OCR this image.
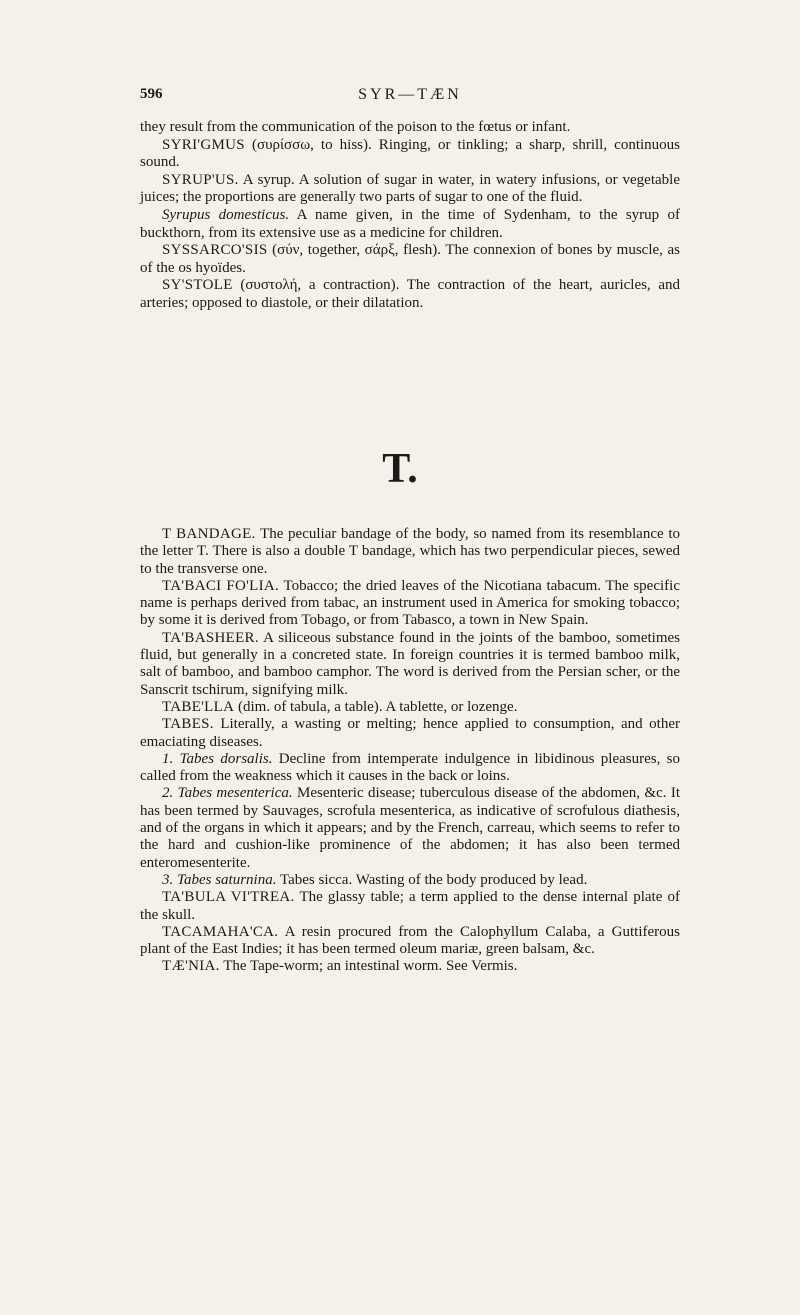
596	SYR—TÆN

they result from the communication of the poison to the fœtus or infant.

SYRI'GMUS (συρίσσω, to hiss). Ringing, or tinkling; a sharp, shrill, continuous sound.

SYRUP'US. A syrup. A solution of sugar in water, in watery infusions, or vegetable juices; the proportions are generally two parts of sugar to one of the fluid.

Syrupus domesticus. A name given, in the time of Sydenham, to the syrup of buckthorn, from its extensive use as a medicine for children.

SYSSARCO'SIS (σύν, together, σάρξ, flesh). The connexion of bones by muscle, as of the os hyoïdes.

SY'STOLE (συστολή, a contraction). The contraction of the heart, auricles, and arteries; opposed to diastole, or their dilatation.

T.

T BANDAGE. The peculiar bandage of the body, so named from its resemblance to the letter T. There is also a double T bandage, which has two perpendicular pieces, sewed to the transverse one.

TA'BACI FO'LIA. Tobacco; the dried leaves of the Nicotiana tabacum. The specific name is perhaps derived from tabac, an instrument used in America for smoking tobacco; by some it is derived from Tobago, or from Tabasco, a town in New Spain.

TA'BASHEER. A siliceous substance found in the joints of the bamboo, sometimes fluid, but generally in a concreted state. In foreign countries it is termed bamboo milk, salt of bamboo, and bamboo camphor. The word is derived from the Persian scher, or the Sanscrit tschirum, signifying milk.

TABE'LLA (dim. of tabula, a table). A tablette, or lozenge.

TABES. Literally, a wasting or melting; hence applied to consumption, and other emaciating diseases.

1. Tabes dorsalis. Decline from intemperate indulgence in libidinous pleasures, so called from the weakness which it causes in the back or loins.

2. Tabes mesenterica. Mesenteric disease; tuberculous disease of the abdomen, &c. It has been termed by Sauvages, scrofula mesenterica, as indicative of scrofulous diathesis, and of the organs in which it appears; and by the French, carreau, which seems to refer to the hard and cushion-like prominence of the abdomen; it has also been termed enteromesenterite.

3. Tabes saturnina. Tabes sicca. Wasting of the body produced by lead.

TA'BULA VI'TREA. The glassy table; a term applied to the dense internal plate of the skull.

TACAMAHA'CA. A resin procured from the Calophyllum Calaba, a Guttiferous plant of the East Indies; it has been termed oleum mariæ, green balsam, &c.

TÆ'NIA. The Tape-worm; an intestinal worm. See Vermis.
